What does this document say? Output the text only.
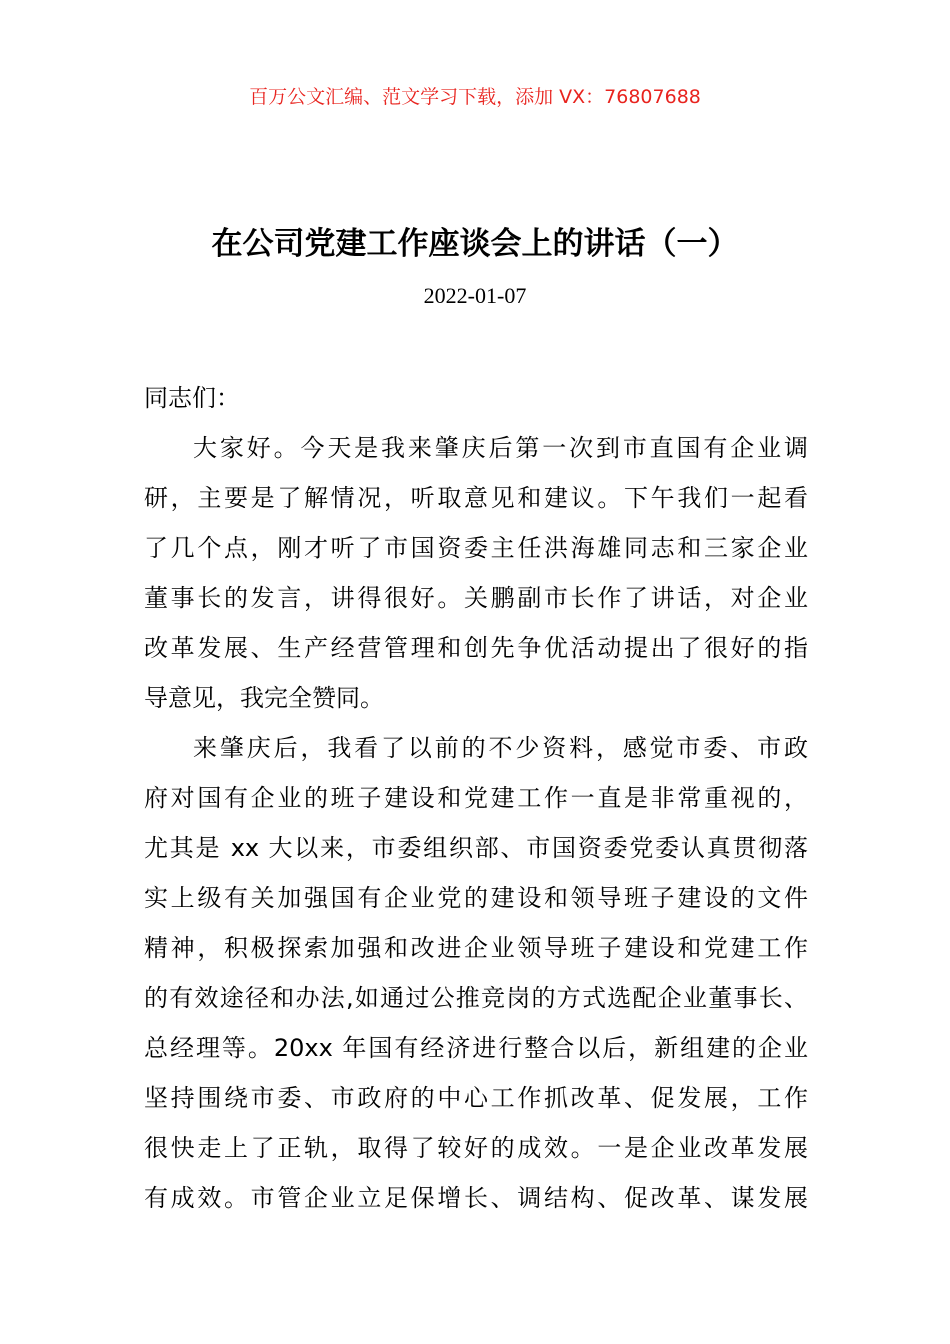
百万公文汇编、范文学习下载，添加 VX：76807688
在公司党建工作座谈会上的讲话（一）
2022-01-07
同志们：
大家好。今天是我来肇庆后第一次到市直国有企业调
研，主要是了解情况，听取意见和建议。下午我们一起看
了几个点，刚才听了市国资委主任洪海雄同志和三家企业
董事长的发言，讲得很好。关鹏副市长作了讲话，对企业
改革发展、生产经营管理和创先争优活动提出了很好的指
导意见，我完全赞同。
来肇庆后，我看了以前的不少资料，感觉市委、市政
府对国有企业的班子建设和党建工作一直是非常重视的，
尤其是 xx 大以来，市委组织部、市国资委党委认真贯彻落
实上级有关加强国有企业党的建设和领导班子建设的文件
精神，积极探索加强和改进企业领导班子建设和党建工作
的有效途径和办法,如通过公推竞岗的方式选配企业董事长、
总经理等。20xx 年国有经济进行整合以后，新组建的企业
坚持围绕市委、市政府的中心工作抓改革、促发展，工作
很快走上了正轨，取得了较好的成效。一是企业改革发展
有成效。市管企业立足保增长、调结构、促改革、谋发展
